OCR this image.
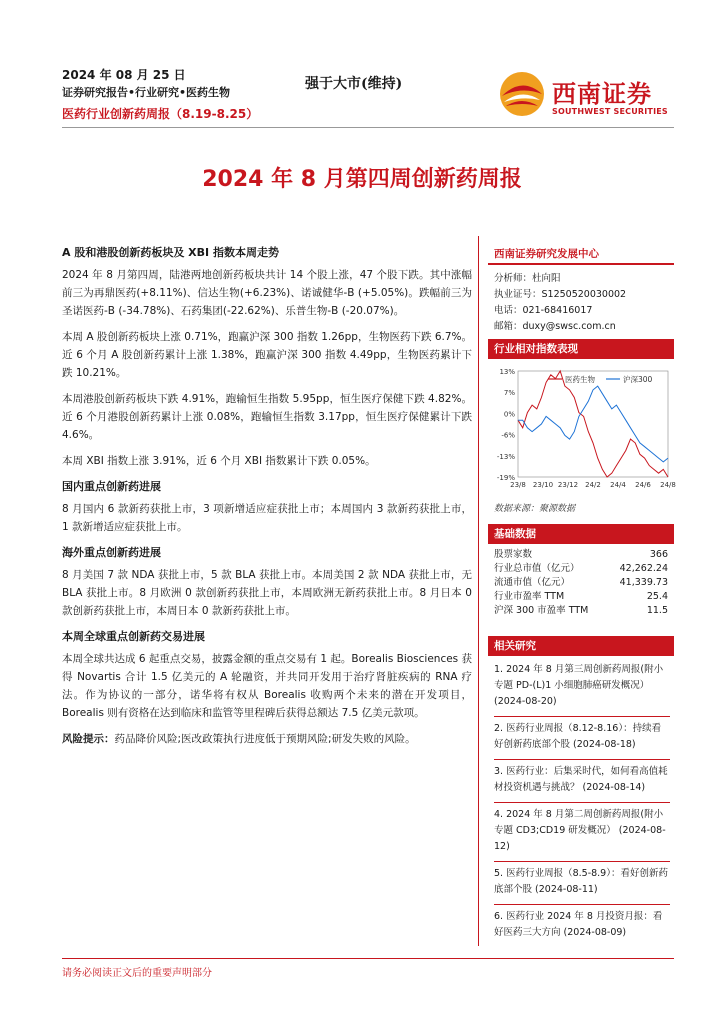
2024 年 08 月 25 日
证券研究报告•行业研究•医药生物
医药行业创新药周报（8.19-8.25）
强于大市(维持)	西南证券
SOUTHWEST SECURITIES
2024 年 8 月第四周创新药周报
A 股和港股创新药板块及 XBI 指数本周走势

2024 年 8 月第四周，陆港两地创新药板块共计 14 个股上涨，47 个股下跌。其中涨幅前三为再鼎医药(+8.11%)、信达生物(+6.23%)、诺诚健华-B (+5.05%)。跌幅前三为圣诺医药-B (-34.78%)、石药集团(-22.62%)、乐普生物-B (-20.07%)。

本周 A 股创新药板块上涨 0.71%，跑赢沪深 300 指数 1.26pp，生物医药下跌 6.7%。近 6 个月 A 股创新药累计上涨 1.38%，跑赢沪深 300 指数 4.49pp，生物医药累计下跌 10.21%。

本周港股创新药板块下跌 4.91%，跑输恒生指数 5.95pp，恒生医疗保健下跌 4.82%。近 6 个月港股创新药累计上涨 0.08%，跑输恒生指数 3.17pp，恒生医疗保健累计下跌 4.6%。

本周 XBI 指数上涨 3.91%，近 6 个月 XBI 指数累计下跌 0.05%。

国内重点创新药进展

8 月国内 6 款新药获批上市，3 项新增适应症获批上市；本周国内 3 款新药获批上市，1 款新增适应症获批上市。

海外重点创新药进展

8 月美国 7 款 NDA 获批上市，5 款 BLA 获批上市。本周美国 2 款 NDA 获批上市，无 BLA 获批上市。8 月欧洲 0 款创新药获批上市，本周欧洲无新药获批上市。8 月日本 0 款创新药获批上市，本周日本 0 款新药获批上市。

本周全球重点创新药交易进展

本周全球共达成 6 起重点交易，披露金额的重点交易有 1 起。Borealis Biosciences 获得 Novartis 合计 1.5 亿美元的 A 轮融资，并共同开发用于治疗肾脏疾病的 RNA 疗法。作为协议的一部分，诺华将有权从 Borealis 收购两个未来的潜在开发项目，Borealis 则有资格在达到临床和监管等里程碑后获得总额达 7.5 亿美元款项。

风险提示：药品降价风险;医改政策执行进度低于预期风险;研发失败的风险。

西南证券研究发展中心
分析师：杜向阳
执业证号：S1250520030002
电话：021-68416017
邮箱：duxy@swsc.com.cn
行业相对指数表现
13%
7%
0%
-6%
-13%
-19%
23/8 23/10 23/12 24/2 24/4 24/6 24/8
医药生物	沪深300
数据来源：聚源数据
基础数据
股票家数	366
行业总市值（亿元）	42,262.24
流通市值（亿元）	41,339.73
行业市盈率 TTM	25.4
沪深 300 市盈率 TTM	11.5
相关研究
1. 2024 年 8 月第三周创新药周报(附小专题 PD-(L)1 小细胞肺癌研发概况） (2024-08-20)
2. 医药行业周报（8.12-8.16）：持续看好创新药底部个股 (2024-08-18)
3. 医药行业：后集采时代，如何看高值耗材投资机遇与挑战？ (2024-08-14)
4. 2024 年 8 月第二周创新药周报(附小专题 CD3;CD19 研发概况） (2024-08-12)
5. 医药行业周报（8.5-8.9）：看好创新药底部个股 (2024-08-11)
6. 医药行业 2024 年 8 月投资月报：看好医药三大方向 (2024-08-09)
请务必阅读正文后的重要声明部分
